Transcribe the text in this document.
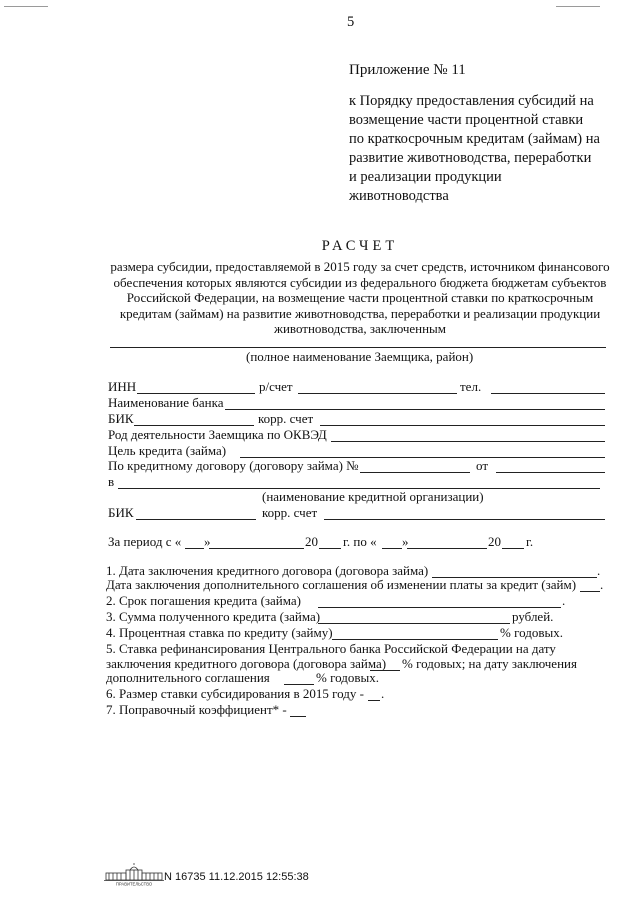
5
Приложение № 11
к Порядку предоставления субсидий на
возмещение части процентной ставки
по краткосрочным кредитам (займам) на
развитие животноводства, переработки
и реализации продукции
животноводства
РАСЧЕТ
размера субсидии, предоставляемой в 2015 году за счет средств, источником финансового
обеспечения которых являются субсидии из федерального бюджета бюджетам субъектов
Российской Федерации, на возмещение части процентной ставки по краткосрочным
кредитам (займам) на развитие животноводства, переработки и реализации продукции
животноводства, заключенным
(полное наименование Заемщика, район)
ИНН	р/счет	тел.
Наименование банка
БИК	корр. счет
Род деятельности Заемщика по ОКВЭД
Цель кредита (займа)
По кредитному договору (договору займа) №	от
в
(наименование кредитной организации)
БИК	корр. счет
За период с « »	20 г. по « »	20 г.
1. Дата заключения кредитного договора (договора займа)	.
Дата заключения дополнительного соглашения об изменении платы за кредит (займ) .
2. Срок погашения кредита (займа)	.
3. Сумма полученного кредита (займа)	рублей.
4. Процентная ставка по кредиту (займу)	% годовых.
5. Ставка рефинансирования Центрального банка Российской Федерации на дату
заключения кредитного договора (договора займа) % годовых; на дату заключения
дополнительного соглашения	% годовых.
6. Размер ставки субсидирования в 2015 году - .
7. Поправочный коэффициент* -
ПРАВИТЕЛЬСТВО
N 16735 11.12.2015 12:55:38
